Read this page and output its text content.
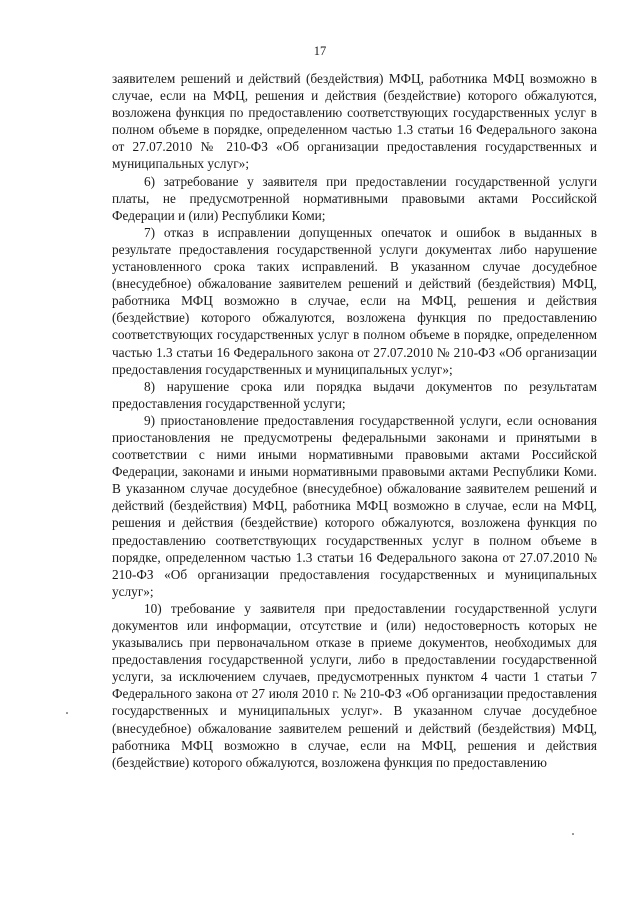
17

заявителем решений и действий (бездействия) МФЦ, работника МФЦ возможно в случае, если на МФЦ, решения и действия (бездействие) которого обжалуются, возложена функция по предоставлению соответствующих государственных услуг в полном объеме в порядке, определенном частью 1.3 статьи 16 Федерального закона от 27.07.2010 № 210-ФЗ «Об организации предоставления государственных и муниципальных услуг»;

6) затребование у заявителя при предоставлении государственной услуги платы, не предусмотренной нормативными правовыми актами Российской Федерации и (или) Республики Коми;

7) отказ в исправлении допущенных опечаток и ошибок в выданных в результате предоставления государственной услуги документах либо нарушение установленного срока таких исправлений. В указанном случае досудебное (внесудебное) обжалование заявителем решений и действий (бездействия) МФЦ, работника МФЦ возможно в случае, если на МФЦ, решения и действия (бездействие) которого обжалуются, возложена функция по предоставлению соответствующих государственных услуг в полном объеме в порядке, определенном частью 1.3 статьи 16 Федерального закона от 27.07.2010 № 210-ФЗ «Об организации предоставления государственных и муниципальных услуг»;

8) нарушение срока или порядка выдачи документов по результатам предоставления государственной услуги;

9) приостановление предоставления государственной услуги, если основания приостановления не предусмотрены федеральными законами и принятыми в соответствии с ними иными нормативными правовыми актами Российской Федерации, законами и иными нормативными правовыми актами Республики Коми. В указанном случае досудебное (внесудебное) обжалование заявителем решений и действий (бездействия) МФЦ, работника МФЦ возможно в случае, если на МФЦ, решения и действия (бездействие) которого обжалуются, возложена функция по предоставлению соответствующих государственных услуг в полном объеме в порядке, определенном частью 1.3 статьи 16 Федерального закона от 27.07.2010 № 210-ФЗ «Об организации предоставления государственных и муниципальных услуг»;

10) требование у заявителя при предоставлении государственной услуги документов или информации, отсутствие и (или) недостоверность которых не указывались при первоначальном отказе в приеме документов, необходимых для предоставления государственной услуги, либо в предоставлении государственной услуги, за исключением случаев, предусмотренных пунктом 4 части 1 статьи 7 Федерального закона от 27 июля 2010 г. № 210-ФЗ «Об организации предоставления государственных и муниципальных услуг». В указанном случае досудебное (внесудебное) обжалование заявителем решений и действий (бездействия) МФЦ, работника МФЦ возможно в случае, если на МФЦ, решения и действия (бездействие) которого обжалуются, возложена функция по предоставлению
